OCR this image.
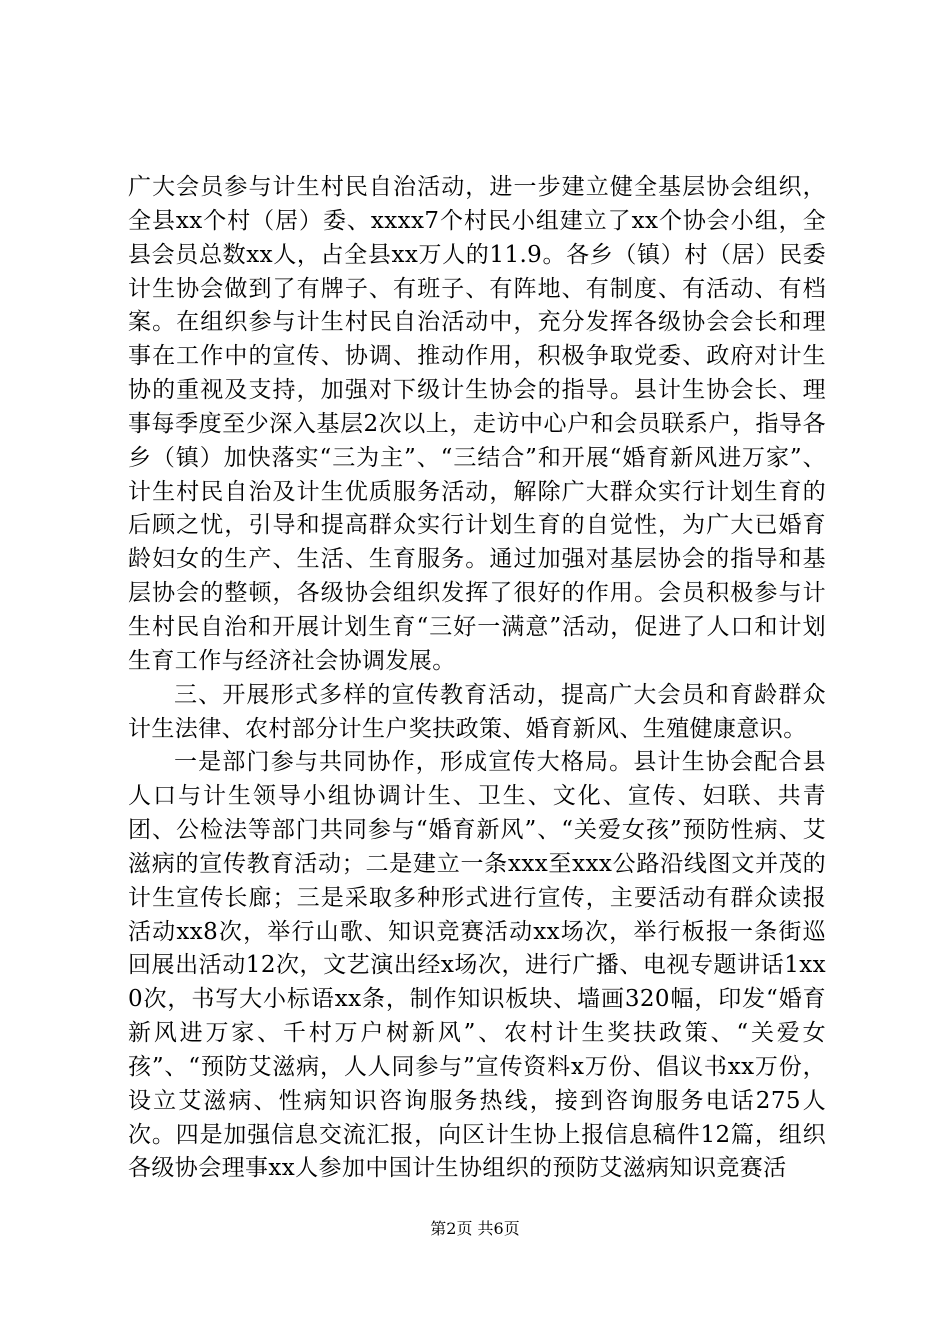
广大会员参与计生村民自治活动，进一步建立健全基层协会组织，全县xx个村（居）委、xxxx7个村民小组建立了xx个协会小组，全县会员总数xx人，占全县xx万人的11.9。各乡（镇）村（居）民委计生协会做到了有牌子、有班子、有阵地、有制度、有活动、有档案。在组织参与计生村民自治活动中，充分发挥各级协会会长和理事在工作中的宣传、协调、推动作用，积极争取党委、政府对计生协的重视及支持，加强对下级计生协会的指导。县计生协会长、理事每季度至少深入基层2次以上，走访中心户和会员联系户，指导各乡（镇）加快落实“三为主”、“三结合”和开展“婚育新风进万家”、计生村民自治及计生优质服务活动，解除广大群众实行计划生育的后顾之忧，引导和提高群众实行计划生育的自觉性，为广大已婚育龄妇女的生产、生活、生育服务。通过加强对基层协会的指导和基层协会的整顿，各级协会组织发挥了很好的作用。会员积极参与计生村民自治和开展计划生育“三好一满意”活动，促进了人口和计划生育工作与经济社会协调发展。

三、开展形式多样的宣传教育活动，提高广大会员和育龄群众计生法律、农村部分计生户奖扶政策、婚育新风、生殖健康意识。

一是部门参与共同协作，形成宣传大格局。县计生协会配合县人口与计生领导小组协调计生、卫生、文化、宣传、妇联、共青团、公检法等部门共同参与“婚育新风”、“关爱女孩”预防性病、艾滋病的宣传教育活动；二是建立一条xxx至xxx公路沿线图文并茂的计生宣传长廊；三是采取多种形式进行宣传，主要活动有群众读报活动xx8次，举行山歌、知识竞赛活动xx场次，举行板报一条街巡回展出活动12次，文艺演出经x场次，进行广播、电视专题讲话1xx0次，书写大小标语xx条，制作知识板块、墙画320幅，印发“婚育新风进万家、千村万户树新风”、农村计生奖扶政策、“关爱女孩”、“预防艾滋病，人人同参与”宣传资料x万份、倡议书xx万份，设立艾滋病、性病知识咨询服务热线，接到咨询服务电话275人次。四是加强信息交流汇报，向区计生协上报信息稿件12篇，组织各级协会理事xx人参加中国计生协组织的预防艾滋病知识竞赛活

第2页 共6页
